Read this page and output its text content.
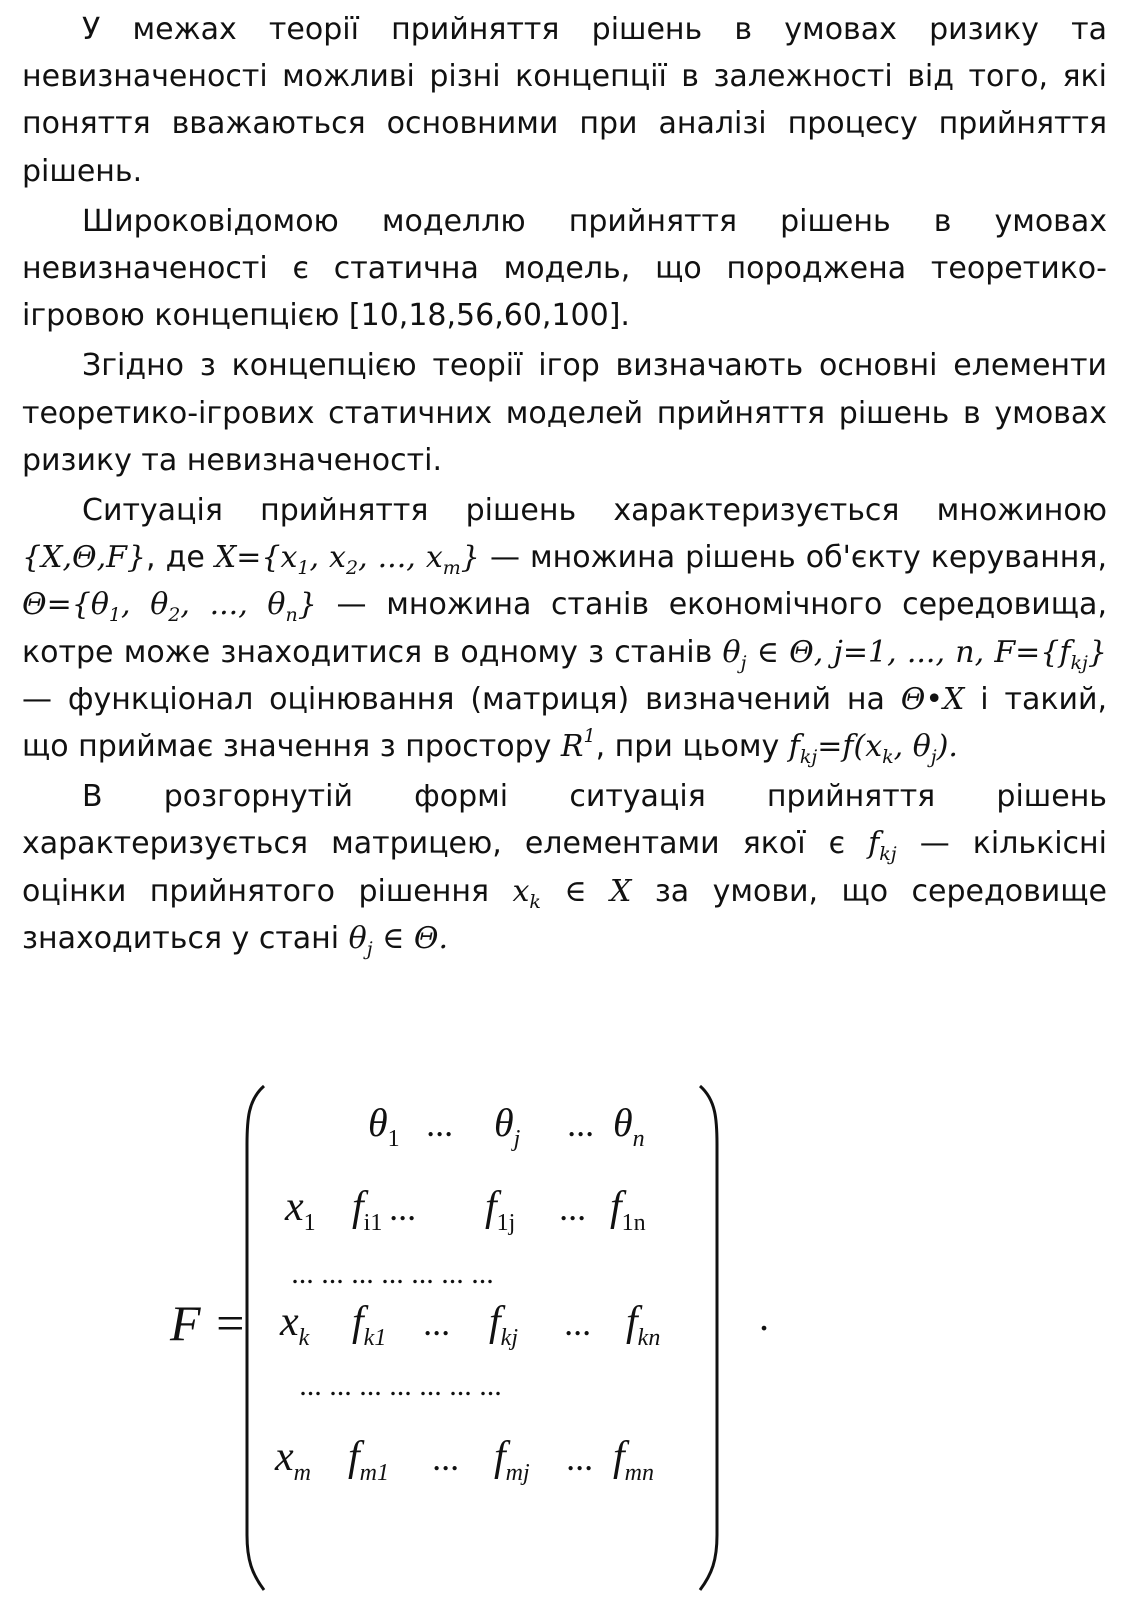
У межах теорії прийняття рішень в умовах ризику та невизначеності можливі різні концепції в залежності від того, які поняття вважаються основними при аналізі процесу прийняття рішень.

Широковідомою моделлю прийняття рішень в умовах невизначеності є статична модель, що породжена теоретико-ігровою концепцією [10,18,56,60,100].

Згідно з концепцією теорії ігор визначають основні елементи теоретико-ігрових статичних моделей прийняття рішень в умовах ризику та невизначеності.

Ситуація прийняття рішень характеризується множиною {X,Θ,F}, де $X=\{x_1$, $x_2$, ..., $x_m$} — множина рішень об'єкту керування, $\Theta=\{\theta_1$, $\theta_2$, ..., $\theta_n$} — множина станів економічного середовища, котре може знаходитися в одному з станів $\theta_j$ ∈ Θ, j=1, ..., n, $F=\{f_{kj}\}$ — функціонал оцінювання (матриця) визначений на Θ•X і такий, що приймає значення з простору $R^1$, при цьому $f_{kj}=f(x_k$, $\theta_j$).

В розгорнутій формі ситуація прийняття рішень характеризується матрицею, елементами якої є $f_{kj}$ — кількісні оцінки прийнятого рішення $x_k$ ∈ X за умови, що середовище знаходиться у стані $\theta_j$ ∈ Θ.

F =
$\theta_1$ ... $\theta_j$ ... $\theta_n$
$x_1$ $f_{i1}$ ... $f_{1j}$ ... $f_{1n}$
... ... ... ... ... ... ...
$x_k$ $f_{k1}$ ... $f_{kj}$ ... $f_{kn}$ .
... ... ... ... ... ... ...
$x_m$ $f_{m1}$ ... $f_{mj}$ ... $f_{mn}$
